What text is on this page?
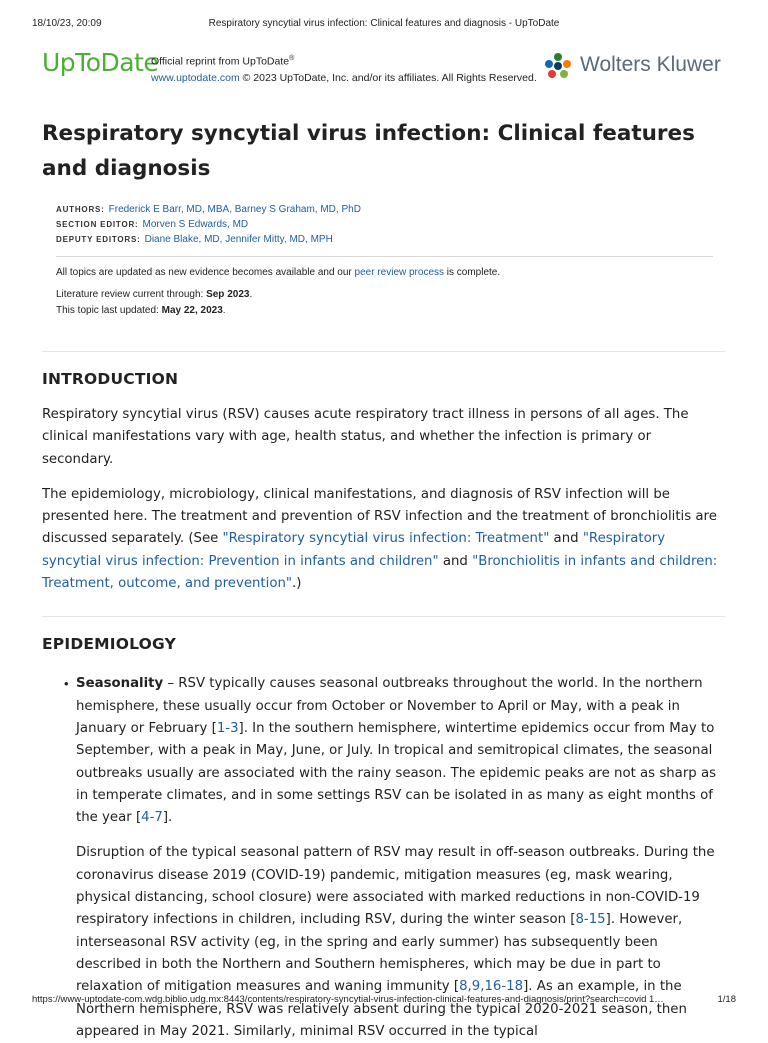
18/10/23, 20:09	Respiratory syncytial virus infection: Clinical features and diagnosis - UpToDate
UpToDate
Official reprint from UpToDate®
www.uptodate.com © 2023 UpToDate, Inc. and/or its affiliates. All Rights Reserved.
Wolters Kluwer
Respiratory syncytial virus infection: Clinical features and diagnosis
AUTHORS: Frederick E Barr, MD, MBA, Barney S Graham, MD, PhD
SECTION EDITOR: Morven S Edwards, MD
DEPUTY EDITORS: Diane Blake, MD, Jennifer Mitty, MD, MPH
All topics are updated as new evidence becomes available and our peer review process is complete.
Literature review current through: Sep 2023.
This topic last updated: May 22, 2023.
INTRODUCTION

Respiratory syncytial virus (RSV) causes acute respiratory tract illness in persons of all ages. The clinical manifestations vary with age, health status, and whether the infection is primary or secondary.

The epidemiology, microbiology, clinical manifestations, and diagnosis of RSV infection will be presented here. The treatment and prevention of RSV infection and the treatment of bronchiolitis are discussed separately. (See "Respiratory syncytial virus infection: Treatment" and "Respiratory syncytial virus infection: Prevention in infants and children" and "Bronchiolitis in infants and children: Treatment, outcome, and prevention".)

EPIDEMIOLOGY
• Seasonality – RSV typically causes seasonal outbreaks throughout the world. In the northern hemisphere, these usually occur from October or November to April or May, with a peak in January or February [1-3]. In the southern hemisphere, wintertime epidemics occur from May to September, with a peak in May, June, or July. In tropical and semitropical climates, the seasonal outbreaks usually are associated with the rainy season. The epidemic peaks are not as sharp as in temperate climates, and in some settings RSV can be isolated in as many as eight months of the year [4-7].

Disruption of the typical seasonal pattern of RSV may result in off-season outbreaks. During the coronavirus disease 2019 (COVID-19) pandemic, mitigation measures (eg, mask wearing, physical distancing, school closure) were associated with marked reductions in non-COVID-19 respiratory infections in children, including RSV, during the winter season [8-15]. However, interseasonal RSV activity (eg, in the spring and early summer) has subsequently been described in both the Northern and Southern hemispheres, which may be due in part to relaxation of mitigation measures and waning immunity [8,9,16-18]. As an example, in the Northern hemisphere, RSV was relatively absent during the typical 2020-2021 season, then appeared in May 2021. Similarly, minimal RSV occurred in the typical

https://www-uptodate-com.wdg.biblio.udg.mx:8443/contents/respiratory-syncytial-virus-infection-clinical-features-and-diagnosis/print?search=covid 1…	1/18
